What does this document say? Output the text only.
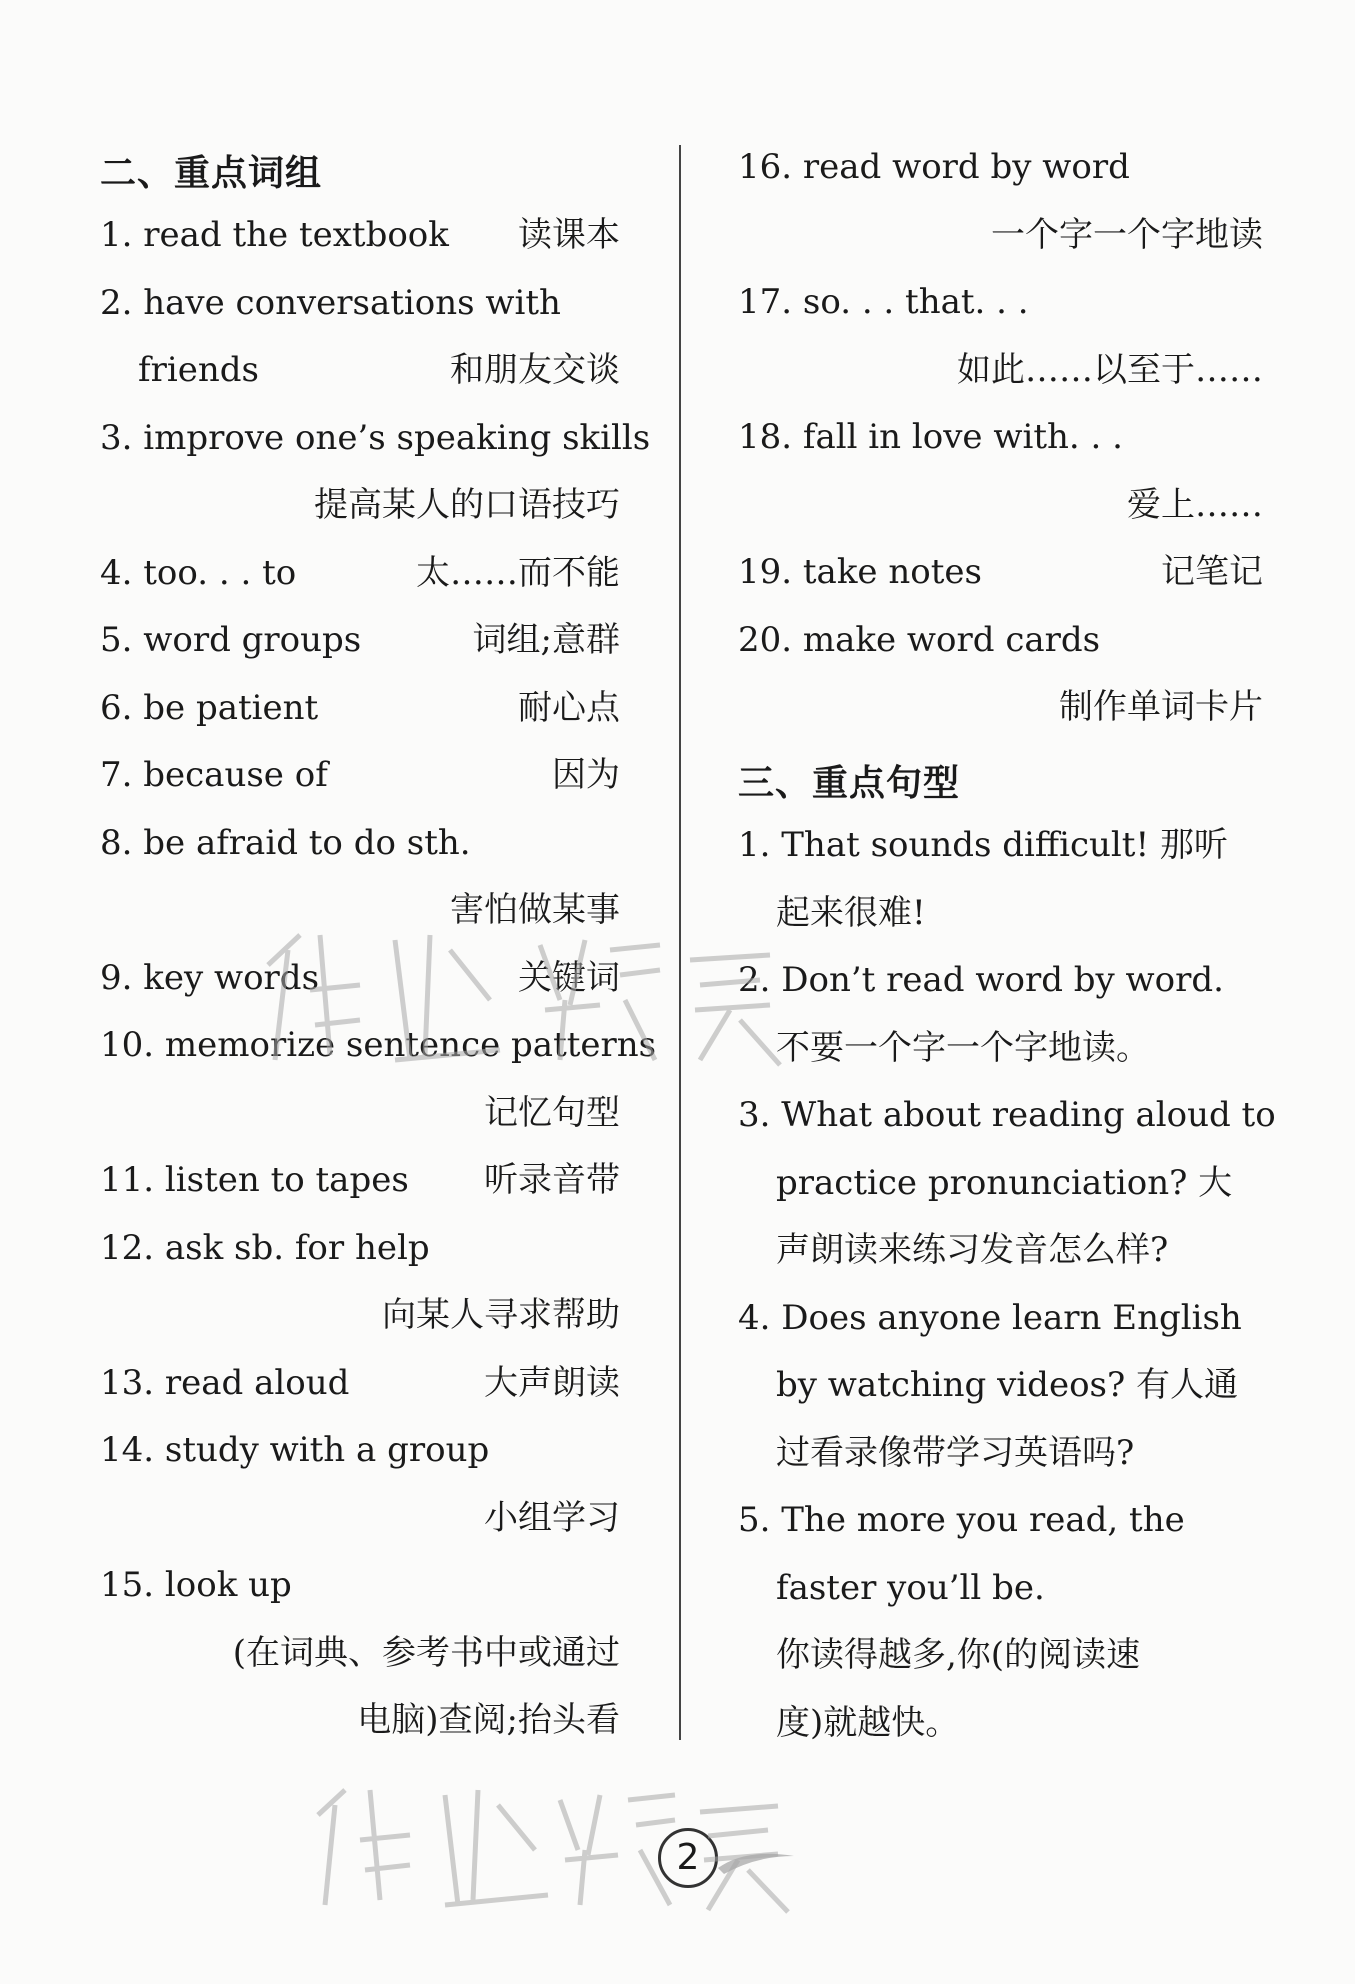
二、重点词组
1. read the textbook 读课本
2. have conversations with
friends	和朋友交谈
3. improve one’s speaking skills
提高某人的口语技巧
4. too. . . to	太……而不能
5. word groups	词组;意群
6. be patient	耐心点
7. because of	因为
8. be afraid to do sth.
害怕做某事
9. key words	关键词
10. memorize sentence patterns
记忆句型
11. listen to tapes 听录音带
12. ask sb. for help
向某人寻求帮助
13. read aloud	大声朗读
14. study with a group
小组学习
15. look up
(在词典、参考书中或通过
电脑)查阅;抬头看
16. read word by word
一个字一个字地读
17. so. . . that. . .
如此……以至于……
18. fall in love with. . .
爱上……
19. take notes	记笔记
20. make word cards
制作单词卡片
三、重点句型
1. That sounds difficult! 那听
起来很难!
2. Don’t read word by word.
不要一个字一个字地读。
3. What about reading aloud to
practice pronunciation? 大
声朗读来练习发音怎么样?
4. Does anyone learn English
by watching videos? 有人通
过看录像带学习英语吗?
5. The more you read, the
faster you’ll be.
你读得越多,你(的阅读速
度)就越快。
2
